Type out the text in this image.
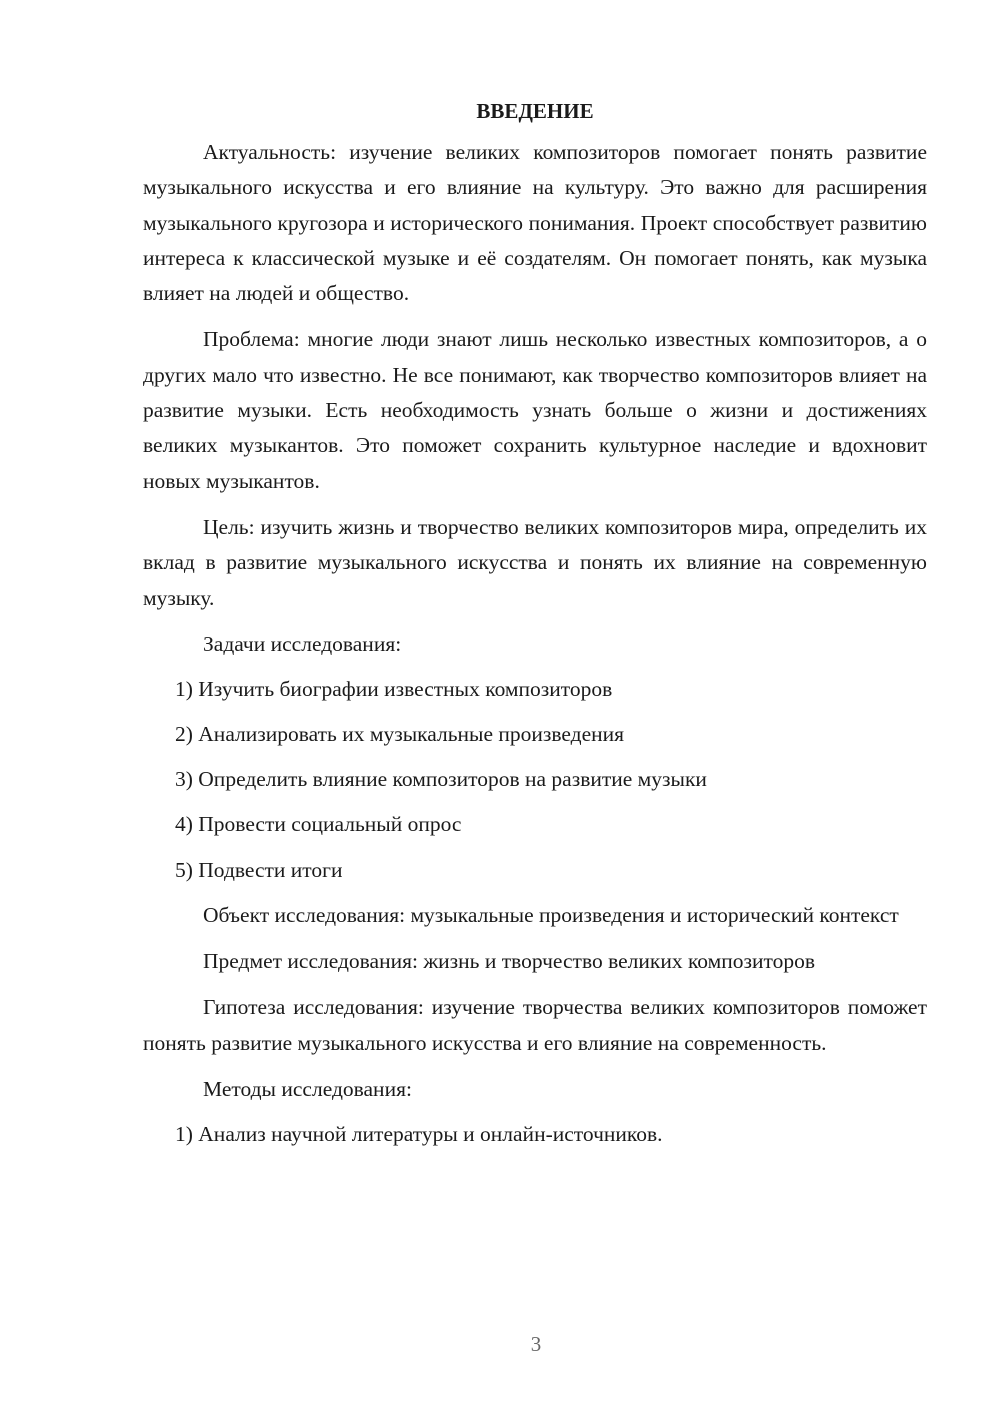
ВВЕДЕНИЕ

Актуальность: изучение великих композиторов помогает понять развитие музыкального искусства и его влияние на культуру. Это важно для расширения музыкального кругозора и исторического понимания. Проект способствует развитию интереса к классической музыке и её создателям. Он помогает понять, как музыка влияет на людей и общество.

Проблема: многие люди знают лишь несколько известных композиторов, а о других мало что известно. Не все понимают, как творчество композиторов влияет на развитие музыки. Есть необходимость узнать больше о жизни и достижениях великих музыкантов. Это поможет сохранить культурное наследие и вдохновит новых музыкантов.

Цель: изучить жизнь и творчество великих композиторов мира, определить их вклад в развитие музыкального искусства и понять их влияние на современную музыку.

Задачи исследования:

1) Изучить биографии известных композиторов
2) Анализировать их музыкальные произведения
3) Определить влияние композиторов на развитие музыки
4) Провести социальный опрос
5) Подвести итоги

Объект исследования: музыкальные произведения и исторический контекст

Предмет исследования: жизнь и творчество великих композиторов

Гипотеза исследования: изучение творчества великих композиторов поможет понять развитие музыкального искусства и его влияние на современность.

Методы исследования:

1) Анализ научной литературы и онлайн-источников.
3
